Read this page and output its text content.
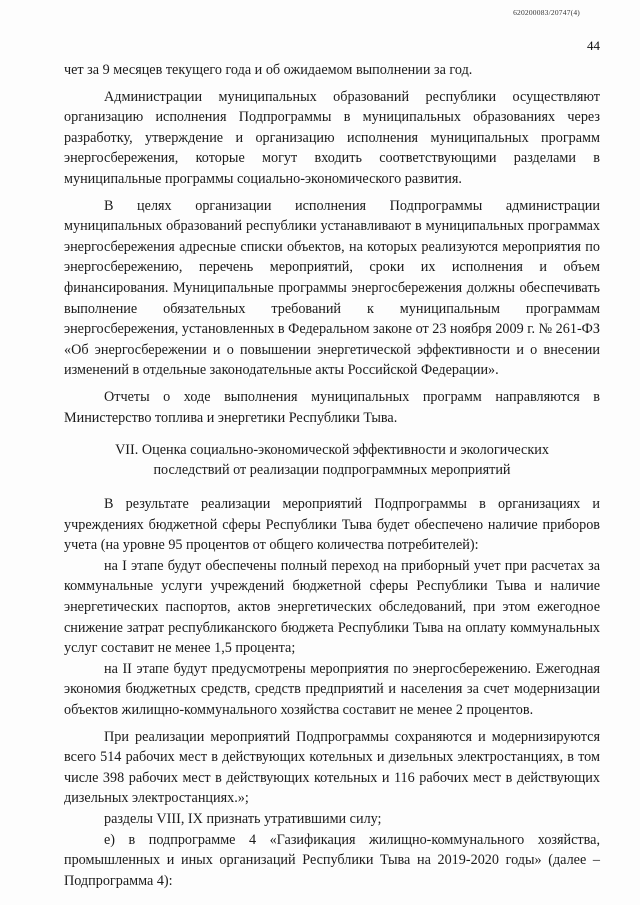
620200083/20747(4)
44

чет за 9 месяцев текущего года и об ожидаемом выполнении за год.

Администрации муниципальных образований республики осуществляют организацию исполнения Подпрограммы в муниципальных образованиях через разработку, утверждение и организацию исполнения муниципальных программ энергосбережения, которые могут входить соответствующими разделами в муниципальные программы социально-экономического развития.

В целях организации исполнения Подпрограммы администрации муниципальных образований республики устанавливают в муниципальных программах энергосбережения адресные списки объектов, на которых реализуются мероприятия по энергосбережению, перечень мероприятий, сроки их исполнения и объем финансирования. Муниципальные программы энергосбережения должны обеспечивать выполнение обязательных требований к муниципальным программам энергосбережения, установленных в Федеральном законе от 23 ноября 2009 г. № 261-ФЗ «Об энергосбережении и о повышении энергетической эффективности и о внесении изменений в отдельные законодательные акты Российской Федерации».

Отчеты о ходе выполнения муниципальных программ направляются в Министерство топлива и энергетики Республики Тыва.

VII. Оценка социально-экономической эффективности и экологических последствий от реализации подпрограммных мероприятий

В результате реализации мероприятий Подпрограммы в организациях и учреждениях бюджетной сферы Республики Тыва будет обеспечено наличие приборов учета (на уровне 95 процентов от общего количества потребителей):

на I этапе будут обеспечены полный переход на приборный учет при расчетах за коммунальные услуги учреждений бюджетной сферы Республики Тыва и наличие энергетических паспортов, актов энергетических обследований, при этом ежегодное снижение затрат республиканского бюджета Республики Тыва на оплату коммунальных услуг составит не менее 1,5 процента;

на II этапе будут предусмотрены мероприятия по энергосбережению. Ежегодная экономия бюджетных средств, средств предприятий и населения за счет модернизации объектов жилищно-коммунального хозяйства составит не менее 2 процентов.

При реализации мероприятий Подпрограммы сохраняются и модернизируются всего 514 рабочих мест в действующих котельных и дизельных электростанциях, в том числе 398 рабочих мест в действующих котельных и 116 рабочих мест в действующих дизельных электростанциях.»;

разделы VIII, IX признать утратившими силу;

е) в подпрограмме 4 «Газификация жилищно-коммунального хозяйства, промышленных и иных организаций Республики Тыва на 2019-2020 годы» (далее – Подпрограмма 4):
